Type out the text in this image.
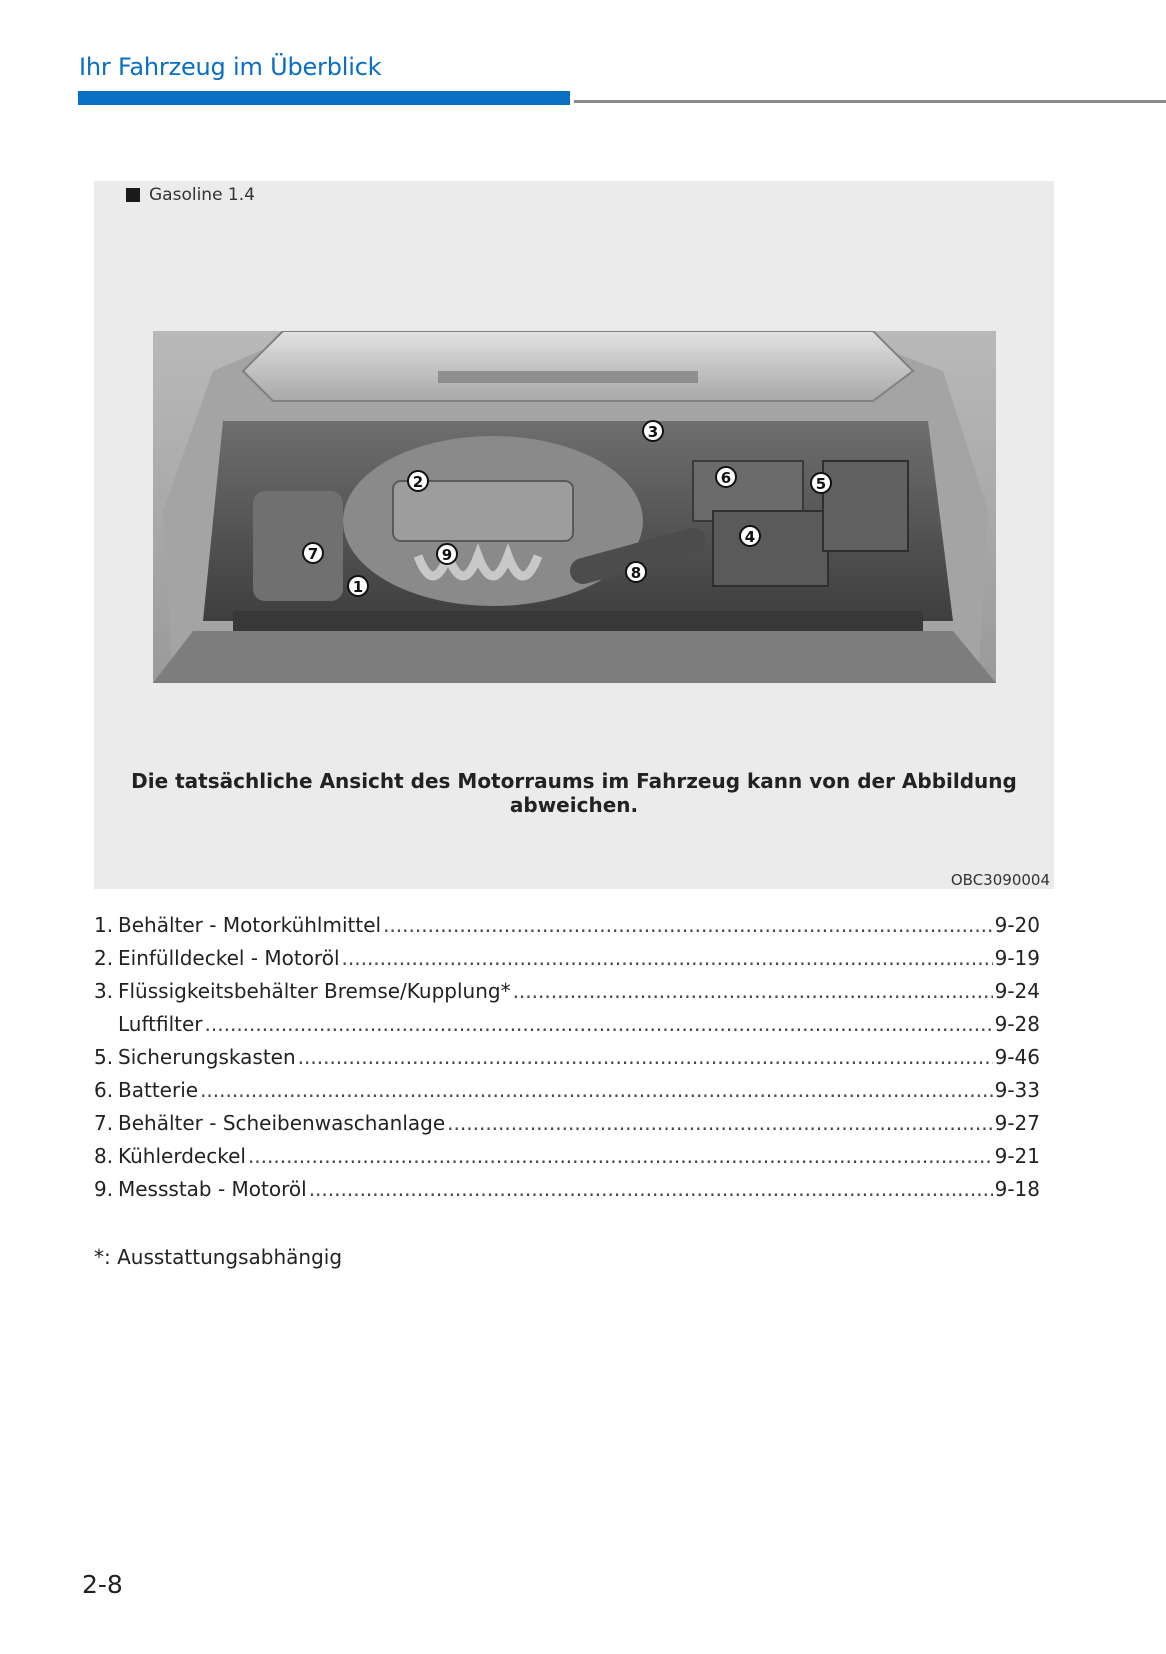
Ihr Fahrzeug im Überblick
Gasoline 1.4
1
2
3
4
5
6
7
8
9
Die tatsächliche Ansicht des Motorraums im Fahrzeug kann von der Abbildung abweichen.
OBC3090004
1. Behälter - Motorkühlmittel .....	9-20
2. Einfülldeckel - Motoröl .....	9-19
3. Flüssigkeitsbehälter Bremse/Kupplung* .....	9-24
Luftfilter .....	9-28
5. Sicherungskasten .....	9-46
6. Batterie .....	9-33
7. Behälter - Scheibenwaschanlage .....	9-27
8. Kühlerdeckel .....	9-21
9. Messstab - Motoröl .....	9-18
*: Ausstattungsabhängig
2-8
